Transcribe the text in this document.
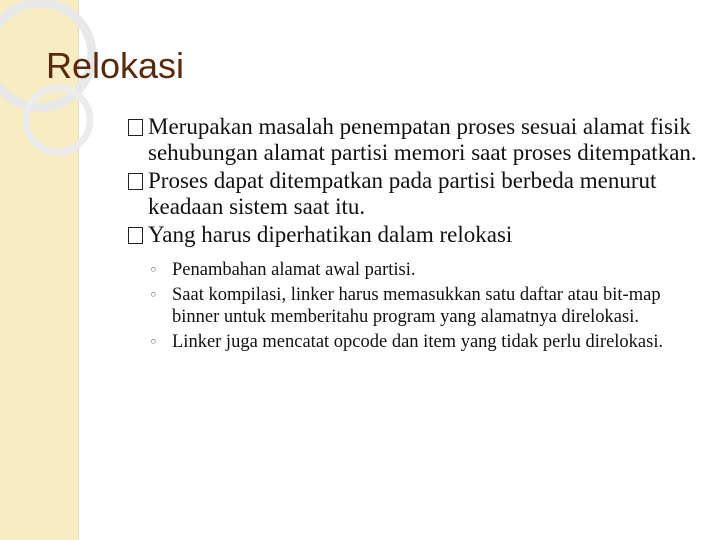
Relokasi

Merupakan masalah penempatan proses sesuai alamat fisik sehubungan alamat partisi memori saat proses ditempatkan.

Proses dapat ditempatkan pada partisi berbeda menurut keadaan sistem saat itu.

Yang harus diperhatikan dalam relokasi

◦ Penambahan alamat awal partisi.

◦ Saat kompilasi, linker harus memasukkan satu daftar atau bit-map binner untuk memberitahu program yang alamatnya direlokasi.

◦ Linker juga mencatat opcode dan item yang tidak perlu direlokasi.
